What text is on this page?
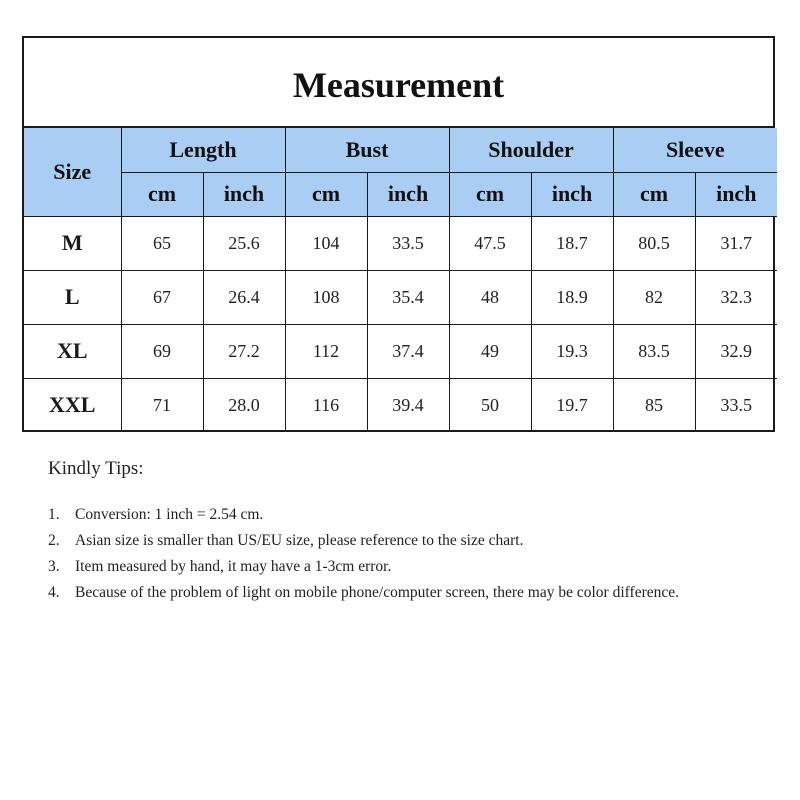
Measurement
Size	Length		Bust		Shoulder		Sleeve	
	cm	inch	cm	inch	cm	inch	cm	inch
M	65	25.6	104	33.5	47.5	18.7	80.5	31.7
L	67	26.4	108	35.4	48	18.9	82	32.3
XL	69	27.2	112	37.4	49	19.3	83.5	32.9
XXL	71	28.0	116	39.4	50	19.7	85	33.5

Kindly Tips:

1. Conversion: 1 inch = 2.54 cm.
2. Asian size is smaller than US/EU size, please reference to the size chart.
3. Item measured by hand, it may have a 1-3cm error.
4. Because of the problem of light on mobile phone/computer screen, there may be color difference.
